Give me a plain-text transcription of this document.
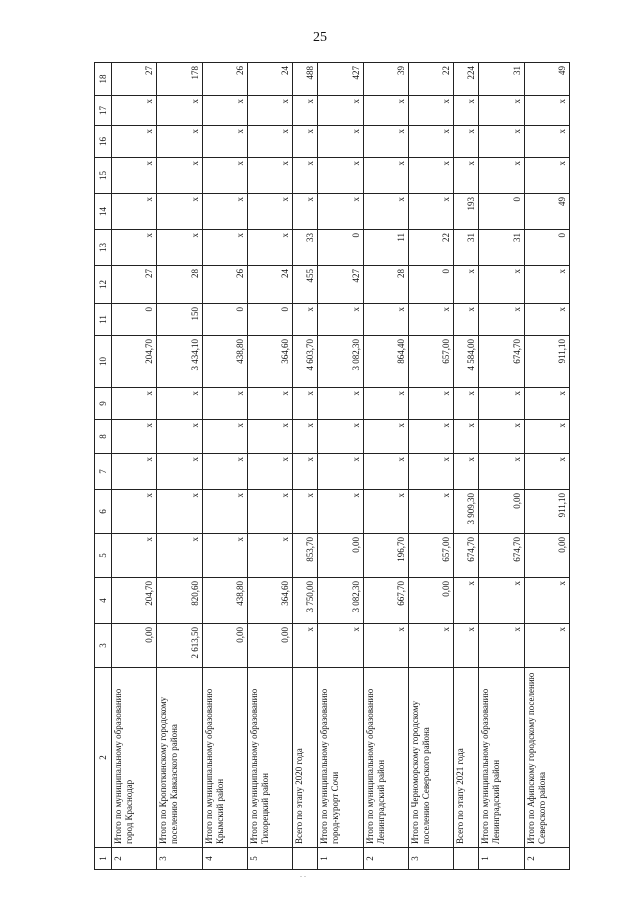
25
1	2	3	4	5	6	7	8	9	10	11	12	13	14	15	16	17	18
2	Итого по муниципальному образованию город Краснодар	0,00	204,70	x	x	x	x	x	204,70	0	27	x	x	x	x	x	27
3	Итого по Кропоткинскому городскому поселению Кавказского района	2 613,50	820,60	x	x	x	x	x	3 434,10	150	28	x	x	x	x	x	178
4	Итого по муниципальному образованию Крымский район	0,00	438,80	x	x	x	x	x	438,80	0	26	x	x	x	x	x	26
5	Итого по муниципальному образованию Тихорецкий район	0,00	364,60	x	x	x	x	x	364,60	0	24	x	x	x	x	x	24
	Всего по этапу 2020 года	x	3 750,00	853,70	x	x	x	x	4 603,70	x	455	33	x	x	x	x	488
1	Итого по муниципальному образованию город-курорт Сочи	x	3 082,30	0,00	x	x	x	x	3 082,30	x	427	0	x	x	x	x	427
2	Итого по муниципальному образованию Ленинградский район	x	667,70	196,70	x	x	x	x	864,40	x	28	11	x	x	x	x	39
3	Итого по Черноморскому городскому поселению Северского района	x	0,00	657,00	x	x	x	x	657,00	x	0	22	x	x	x	x	22
	Всего по этапу 2021 года	x	x	674,70	3 909,30	x	x	x	4 584,00	x	x	31	193	x	x	x	224
1	Итого по муниципальному образованию Ленинградский район	x	x	674,70	0,00	x	x	x	674,70	x	x	31	0	x	x	x	31
2	Итого по Афипскому городскому поселению Северского района	x	x	0,00	911,10	x	x	x	911,10	x	x	0	49	x	x	x	49
. .
